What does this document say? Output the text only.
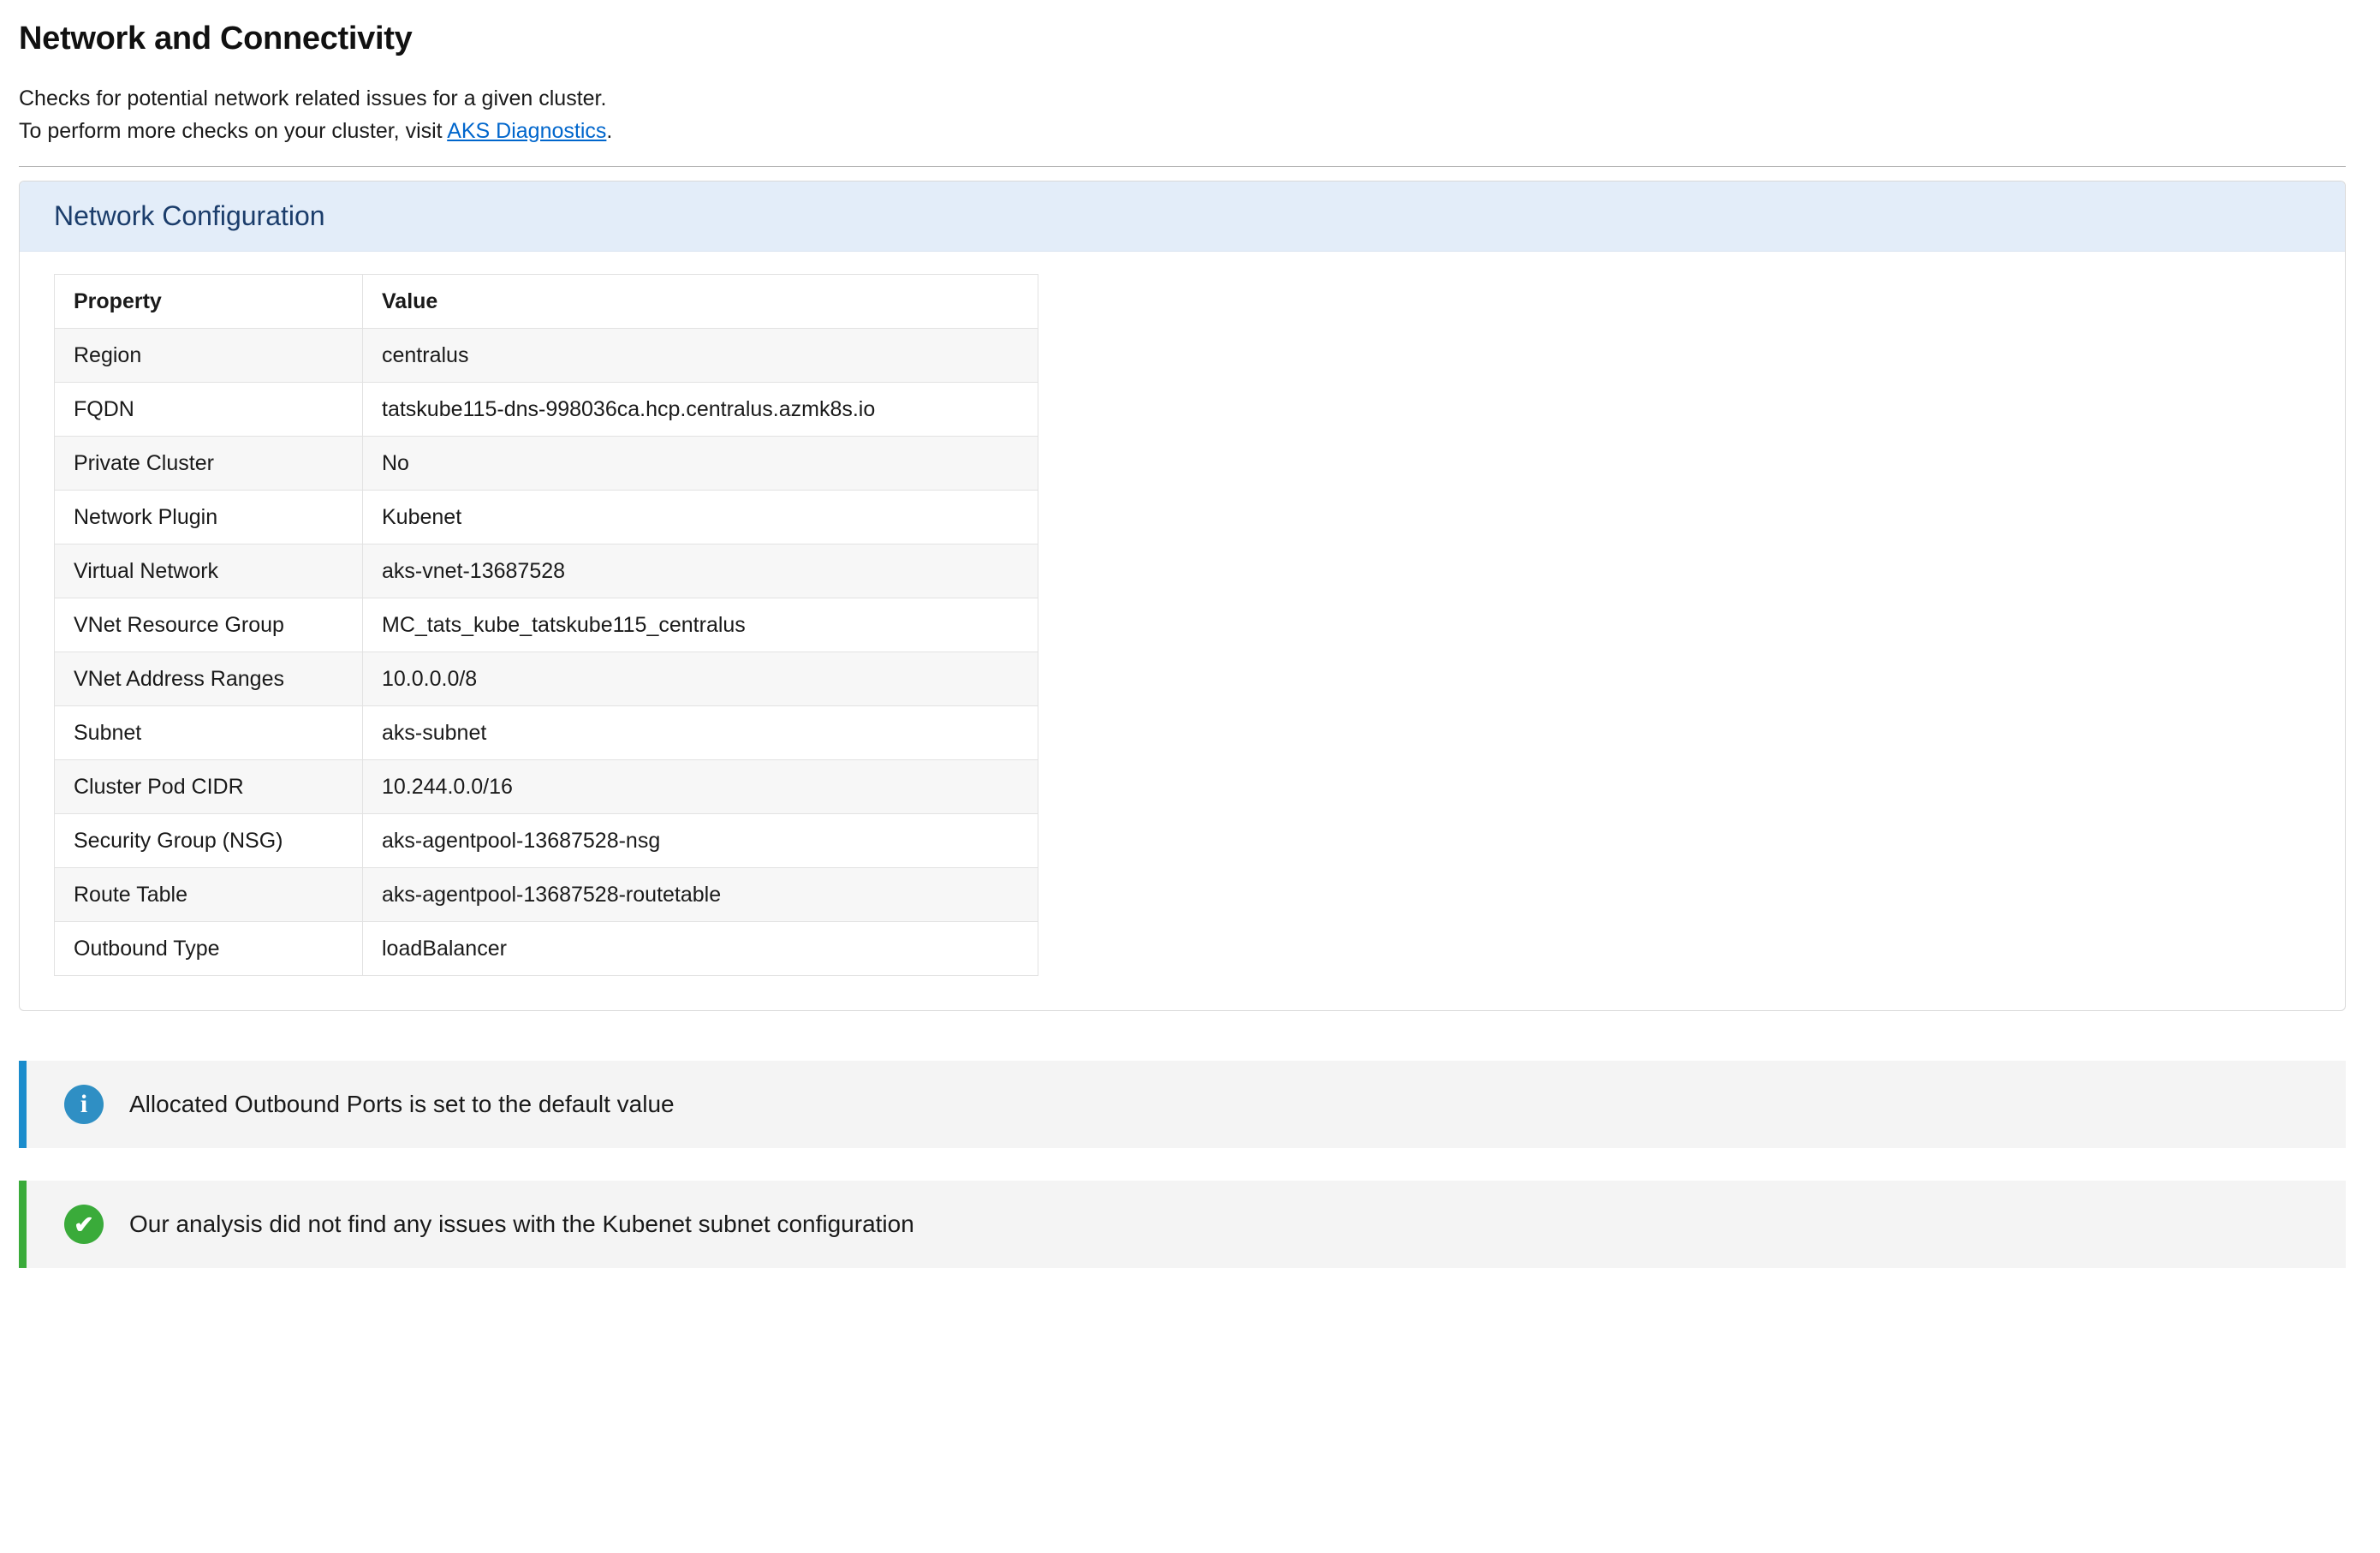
Network and Connectivity
Checks for potential network related issues for a given cluster.
To perform more checks on your cluster, visit AKS Diagnostics.
Network Configuration
Property	Value
Region	centralus
FQDN	tatskube115-dns-998036ca.hcp.centralus.azmk8s.io
Private Cluster	No
Network Plugin	Kubenet
Virtual Network	aks-vnet-13687528
VNet Resource Group	MC_tats_kube_tatskube115_centralus
VNet Address Ranges	10.0.0.0/8
Subnet	aks-subnet
Cluster Pod CIDR	10.244.0.0/16
Security Group (NSG)	aks-agentpool-13687528-nsg
Route Table	aks-agentpool-13687528-routetable
Outbound Type	loadBalancer
i	Allocated Outbound Ports is set to the default value
✔	Our analysis did not find any issues with the Kubenet subnet configuration
